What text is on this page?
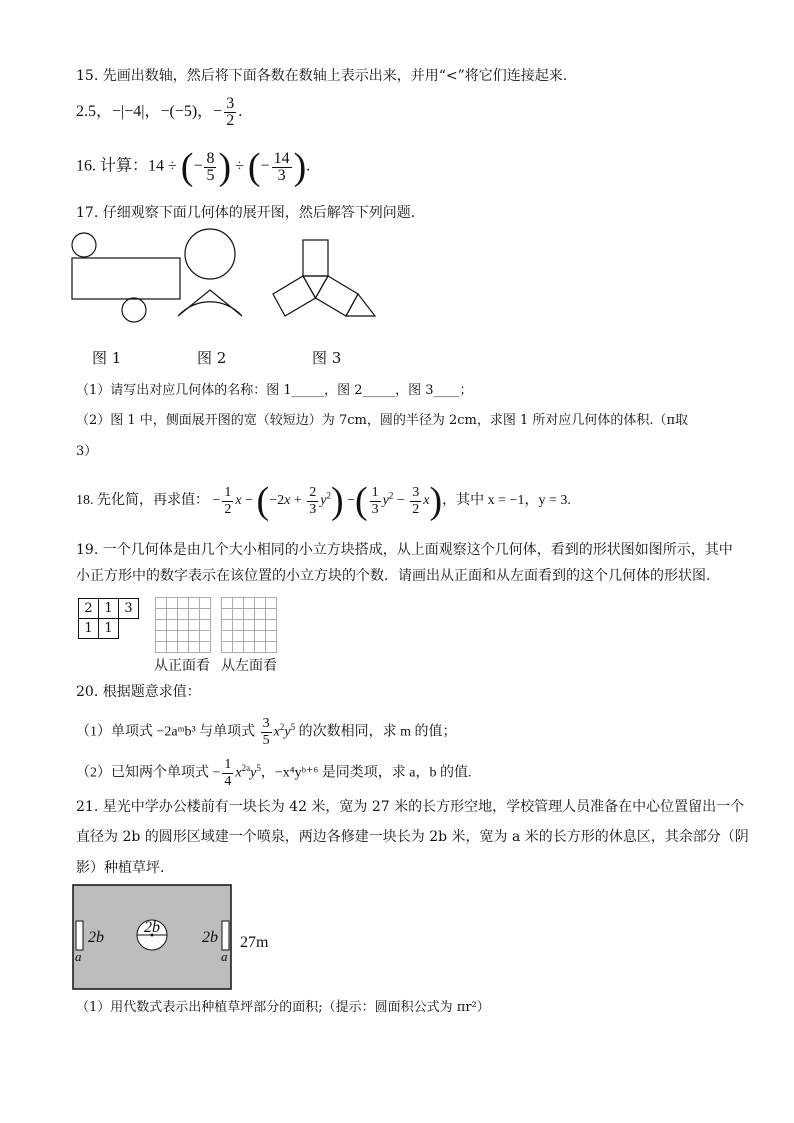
15. 先画出数轴，然后将下面各数在数轴上表示出来，并用“<”将它们连接起来.
2.5，−|−4|，−(−5)，− $\frac{3}{2}$ .
16. 计算：14 ÷ (− $\frac{8}{5}$ ) ÷ (− $\frac{14}{3}$ ).
17. 仔细观察下面几何体的展开图，然后解答下列问题.
图 1	图 2	图 3
（1）请写出对应几何体的名称：图 1_____，图 2_____，图 3____；
（2）图 1 中，侧面展开图的宽（较短边）为 7cm，圆的半径为 2cm，求图 1 所对应几何体的体积.（π取
3）
18. 先化简，再求值： − $\frac{1}{2}$ $x - (-2x + \frac{2}{3} y^2)$ −( $\frac{1}{3} y^2 - \frac{3}{2} x$)，其中 x = −1，y = 3.
19. 一个几何体是由几个大小相同的小立方块搭成，从上面观察这个几何体，看到的形状图如图所示，其中
小正方形中的数字表示在该位置的小立方块的个数．请画出从正面和从左面看到的这个几何体的形状图.
2 1 3
1 1
从正面看 从左面看
20. 根据题意求值：
（1）单项式 −2aᵐb³ 与单项式 $\frac{3}{5} x^2y^5$ 的次数相同，求 m 的值；
（2）已知两个单项式 − $\frac{1}{4} x^{2a}y^5$，−x⁴yᵇ⁺⁶ 是同类项，求 a，b 的值.
21. 星光中学办公楼前有一块长为 42 米，宽为 27 米的长方形空地，学校管理人员准备在中心位置留出一个
直径为 2b 的圆形区域建一个喷泉，两边各修建一块长为 2b 米，宽为 a 米的长方形的休息区，其余部分（阴
影）种植草坪.
2b
a
2b
2b
a
27m
（1）用代数式表示出种植草坪部分的面积;（提示：圆面积公式为 πr²）
